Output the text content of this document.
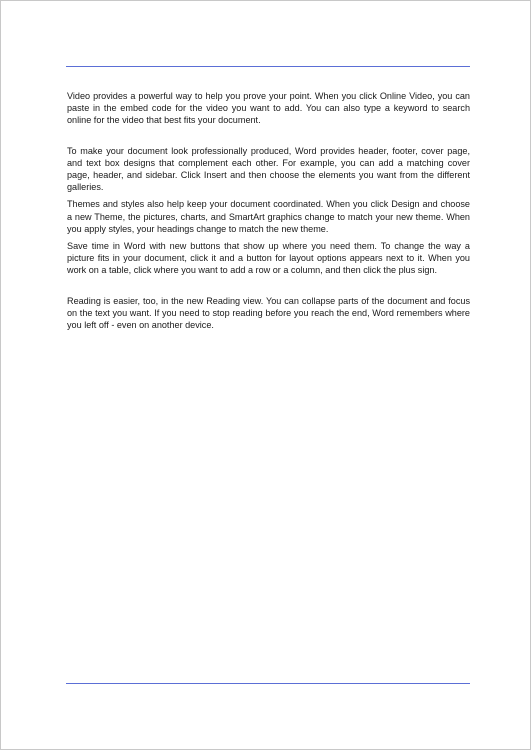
Video provides a powerful way to help you prove your point. When you click Online Video, you can paste in the embed code for the video you want to add. You can also type a keyword to search online for the video that best fits your document.

To make your document look professionally produced, Word provides header, footer, cover page, and text box designs that complement each other. For example, you can add a matching cover page, header, and sidebar. Click Insert and then choose the elements you want from the different galleries.

Themes and styles also help keep your document coordinated. When you click Design and choose a new Theme, the pictures, charts, and SmartArt graphics change to match your new theme. When you apply styles, your headings change to match the new theme.

Save time in Word with new buttons that show up where you need them. To change the way a picture fits in your document, click it and a button for layout options appears next to it. When you work on a table, click where you want to add a row or a column, and then click the plus sign.

Reading is easier, too, in the new Reading view. You can collapse parts of the document and focus on the text you want. If you need to stop reading before you reach the end, Word remembers where you left off - even on another device.
